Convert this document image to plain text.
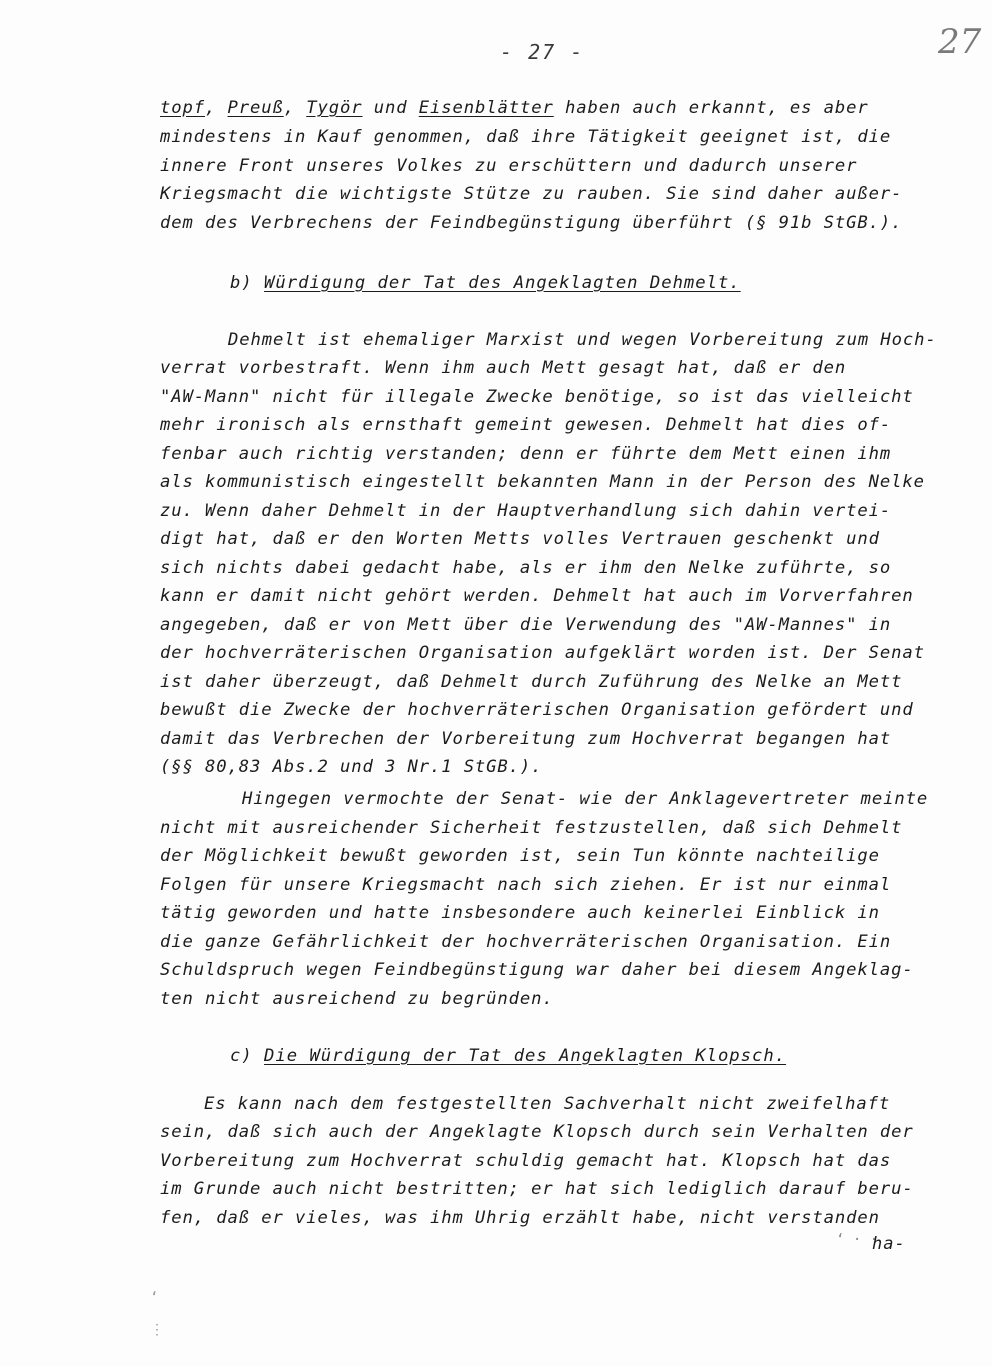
- 27 -	27
topf, Preuß, Tygör und Eisenblätter haben auch erkannt, es aber
mindestens in Kauf genommen, daß ihre Tätigkeit geeignet ist, die
innere Front unseres Volkes zu erschüttern und dadurch unserer
Kriegsmacht die wichtigste Stütze zu rauben. Sie sind daher außer-
dem des Verbrechens der Feindbegünstigung überführt (§ 91b StGB.).
b) Würdigung der Tat des Angeklagten Dehmelt.
Dehmelt ist ehemaliger Marxist und wegen Vorbereitung zum Hoch-
verrat vorbestraft. Wenn ihm auch Mett gesagt hat, daß er den
"AW-Mann" nicht für illegale Zwecke benötige, so ist das vielleicht
mehr ironisch als ernsthaft gemeint gewesen. Dehmelt hat dies of-
fenbar auch richtig verstanden; denn er führte dem Mett einen ihm
als kommunistisch eingestellt bekannten Mann in der Person des Nelke
zu. Wenn daher Dehmelt in der Hauptverhandlung sich dahin vertei-
digt hat, daß er den Worten Metts volles Vertrauen geschenkt und
sich nichts dabei gedacht habe, als er ihm den Nelke zuführte, so
kann er damit nicht gehört werden. Dehmelt hat auch im Vorverfahren
angegeben, daß er von Mett über die Verwendung des "AW-Mannes" in
der hochverräterischen Organisation aufgeklärt worden ist. Der Senat
ist daher überzeugt, daß Dehmelt durch Zuführung des Nelke an Mett
bewußt die Zwecke der hochverräterischen Organisation gefördert und
damit das Verbrechen der Vorbereitung zum Hochverrat begangen hat
(§§ 80,83 Abs.2 und 3 Nr.1 StGB.).
Hingegen vermochte der Senat- wie der Anklagevertreter meinte
nicht mit ausreichender Sicherheit festzustellen, daß sich Dehmelt
der Möglichkeit bewußt geworden ist, sein Tun könnte nachteilige
Folgen für unsere Kriegsmacht nach sich ziehen. Er ist nur einmal
tätig geworden und hatte insbesondere auch keinerlei Einblick in
die ganze Gefährlichkeit der hochverräterischen Organisation. Ein
Schuldspruch wegen Feindbegünstigung war daher bei diesem Angeklag-
ten nicht ausreichend zu begründen.
c) Die Würdigung der Tat des Angeklagten Klopsch.
Es kann nach dem festgestellten Sachverhalt nicht zweifelhaft
sein, daß sich auch der Angeklagte Klopsch durch sein Verhalten der
Vorbereitung zum Hochverrat schuldig gemacht hat. Klopsch hat das
im Grunde auch nicht bestritten; er hat sich lediglich darauf beru-
fen, daß er vieles, was ihm Uhrig erzählt habe, nicht verstanden
‘ · ·
ha-
‘
⋮
